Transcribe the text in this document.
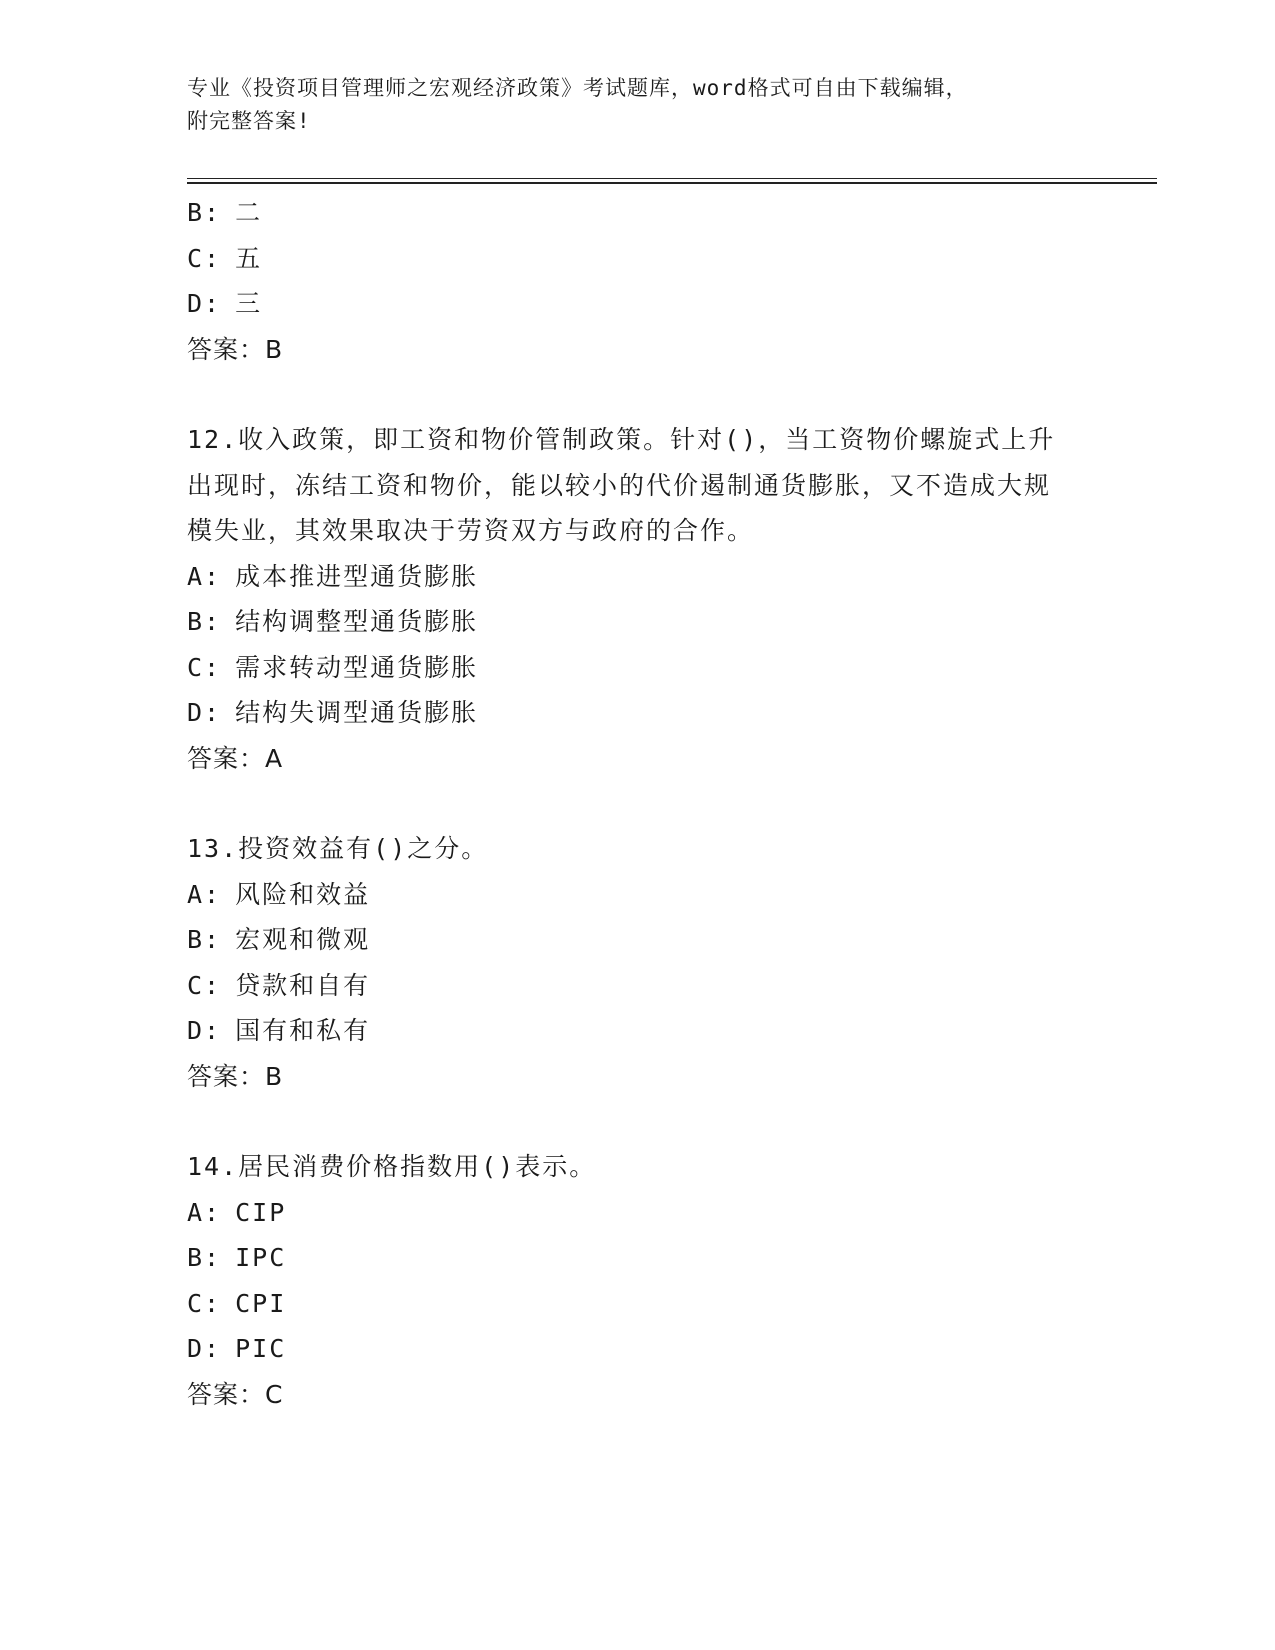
专业《投资项目管理师之宏观经济政策》考试题库，word格式可自由下载编辑，
附完整答案!
B: 二
C: 五
D: 三
答案：B
12.收入政策，即工资和物价管制政策。针对()，当工资物价螺旋式上升出现时，冻结工资和物价，能以较小的代价遏制通货膨胀，又不造成大规模失业，其效果取决于劳资双方与政府的合作。
A: 成本推进型通货膨胀
B: 结构调整型通货膨胀
C: 需求转动型通货膨胀
D: 结构失调型通货膨胀
答案：A
13.投资效益有()之分。
A: 风险和效益
B: 宏观和微观
C: 贷款和自有
D: 国有和私有
答案：B
14.居民消费价格指数用()表示。
A: CIP
B: IPC
C: CPI
D: PIC
答案：C
